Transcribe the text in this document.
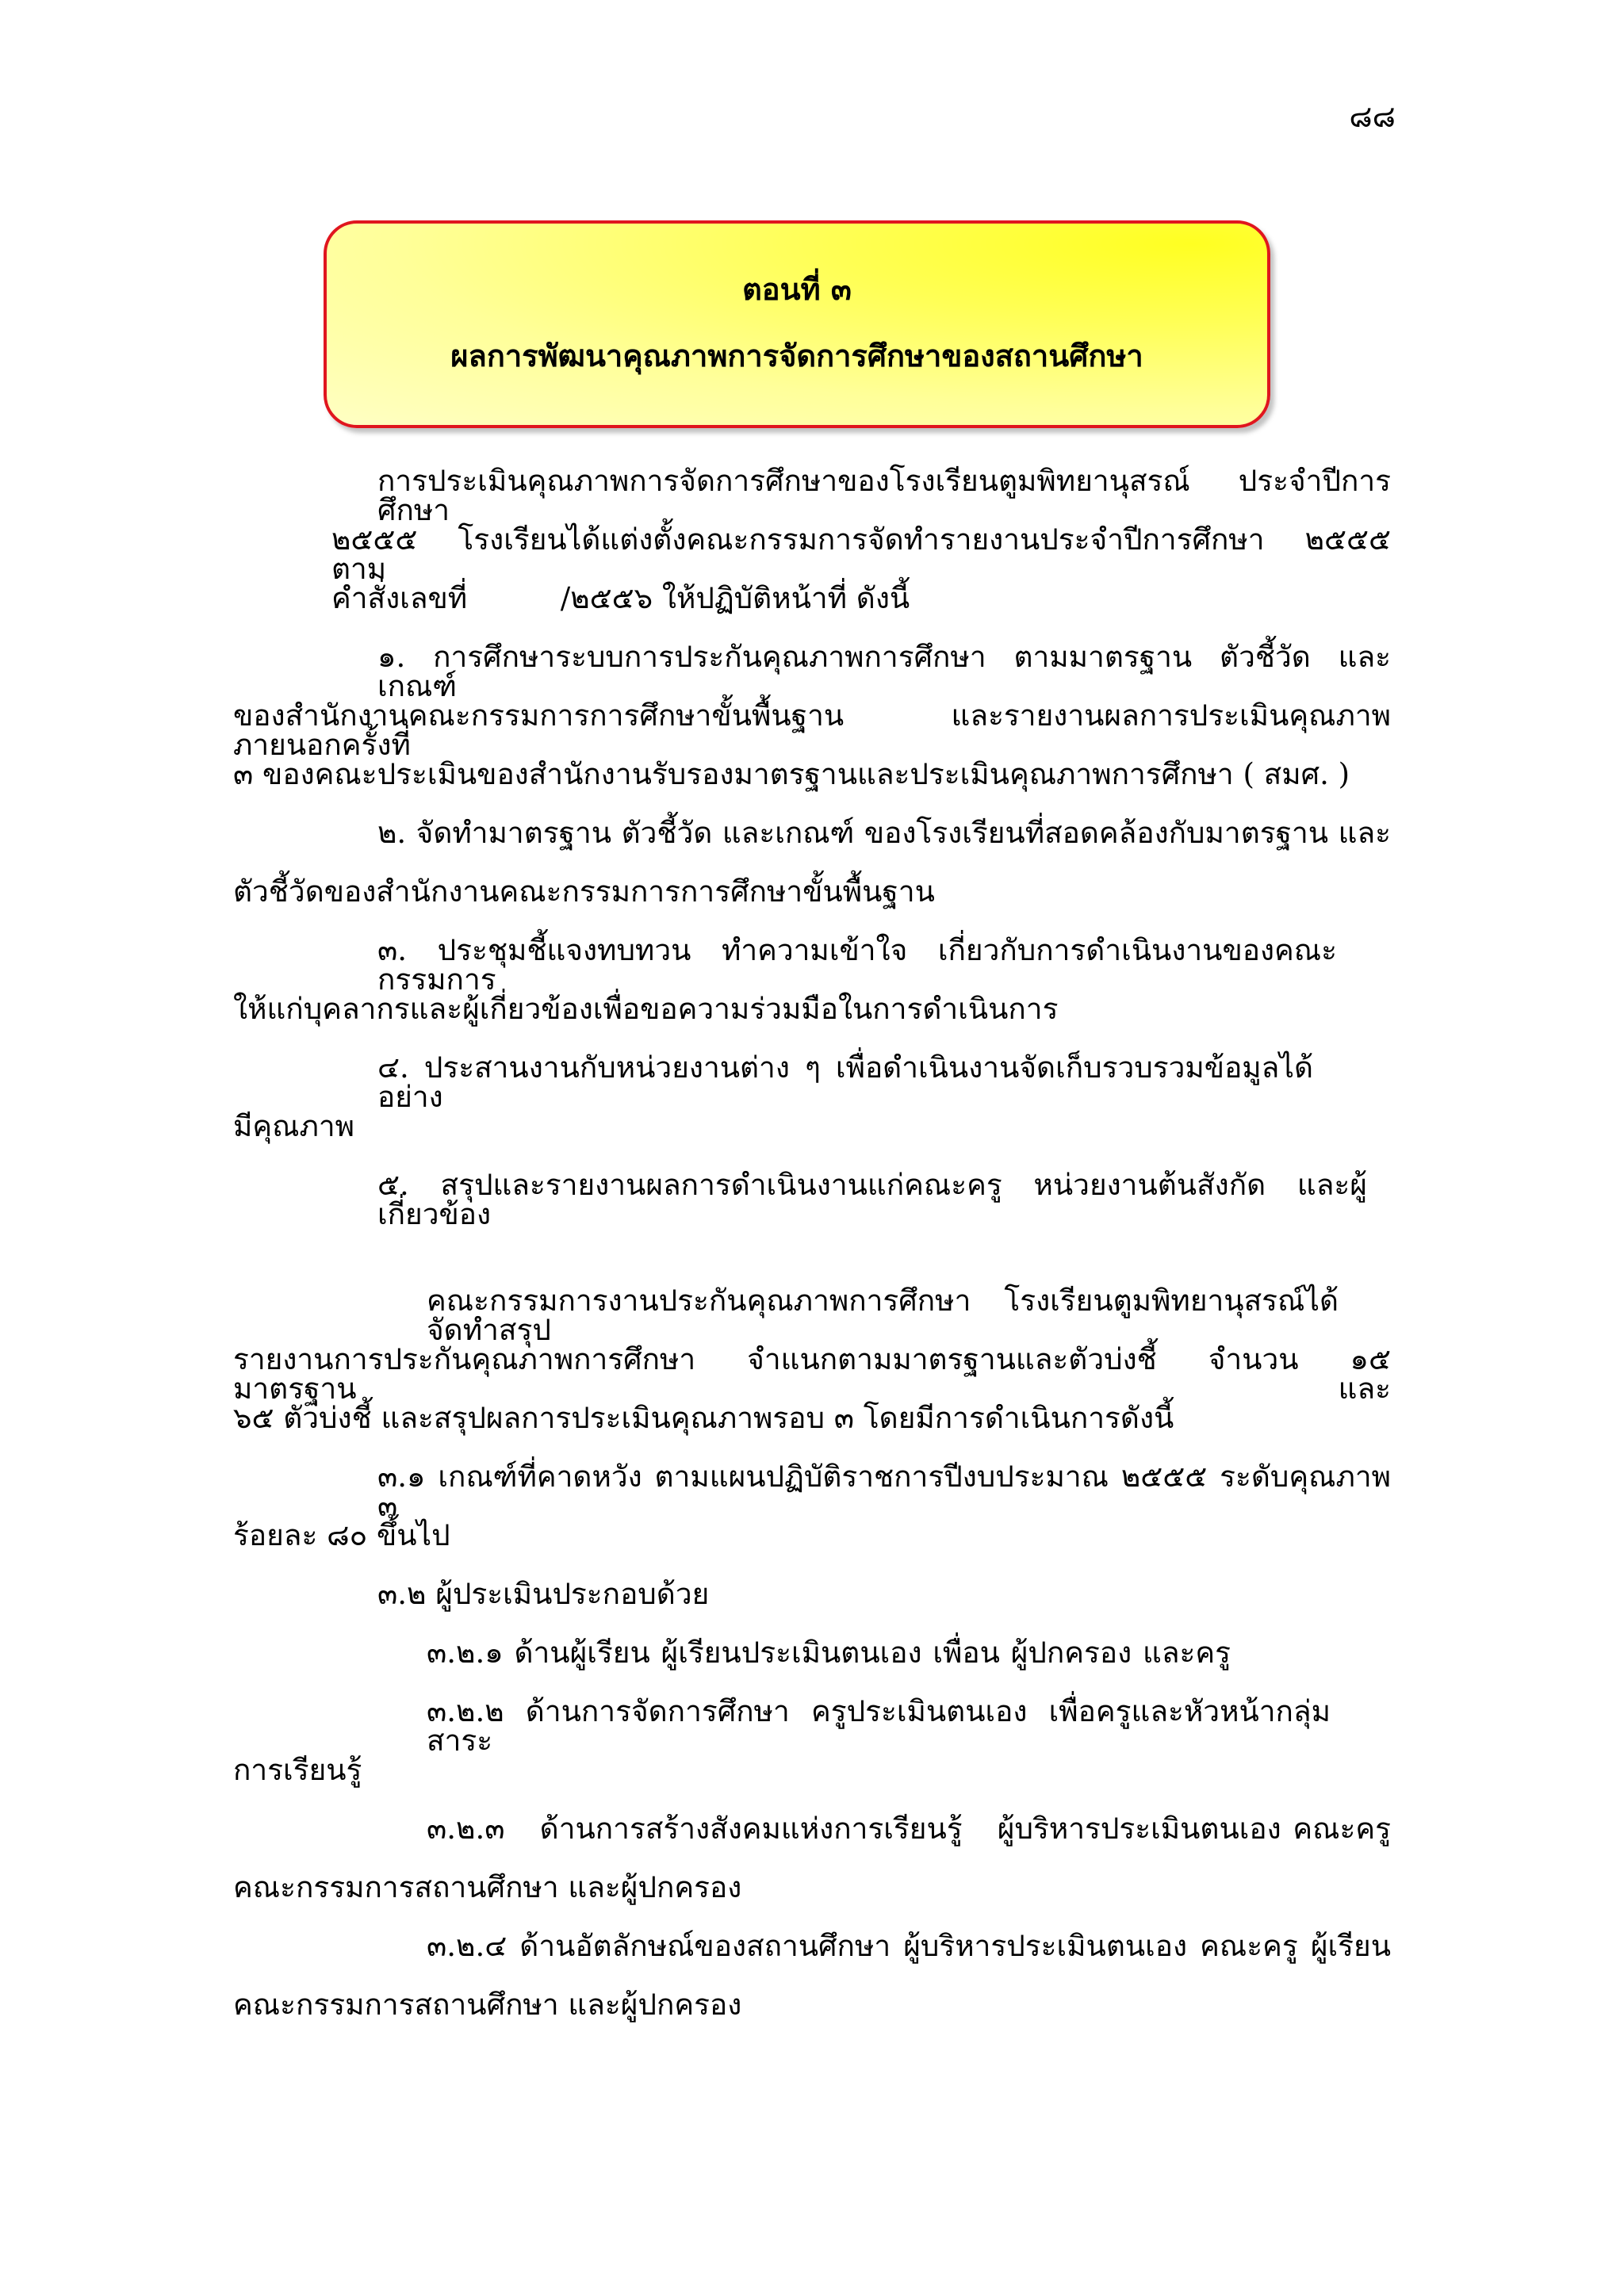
๘๘
ตอนที่ ๓
ผลการพัฒนาคุณภาพการจัดการศึกษาของสถานศึกษา
การประเมินคุณภาพการจัดการศึกษาของโรงเรียนตูมพิทยานุสรณ์ ประจำปีการศึกษา
๒๕๕๕ โรงเรียนได้แต่งตั้งคณะกรรมการจัดทำรายงานประจำปีการศึกษา ๒๕๕๕ ตาม
คำสั่งเลขที่          /๒๕๕๖ ให้ปฏิบัติหน้าที่ ดังนี้
๑. การศึกษาระบบการประกันคุณภาพการศึกษา ตามมาตรฐาน ตัวชี้วัด และเกณฑ์
ของสำนักงานคณะกรรมการการศึกษาขั้นพื้นฐาน และรายงานผลการประเมินคุณภาพภายนอกครั้งที่
๓ ของคณะประเมินของสำนักงานรับรองมาตรฐานและประเมินคุณภาพการศึกษา ( สมศ. )
๒. จัดทำมาตรฐาน ตัวชี้วัด และเกณฑ์ ของโรงเรียนที่สอดคล้องกับมาตรฐาน และ
ตัวชี้วัดของสำนักงานคณะกรรมการการศึกษาขั้นพื้นฐาน
๓. ประชุมชี้แจงทบทวน ทำความเข้าใจ เกี่ยวกับการดำเนินงานของคณะกรรมการ
ให้แก่บุคลากรและผู้เกี่ยวข้องเพื่อขอความร่วมมือในการดำเนินการ
๔. ประสานงานกับหน่วยงานต่าง ๆ เพื่อดำเนินงานจัดเก็บรวบรวมข้อมูลได้อย่าง
มีคุณภาพ
๕. สรุปและรายงานผลการดำเนินงานแก่คณะครู หน่วยงานต้นสังกัด และผู้เกี่ยวข้อง
คณะกรรมการงานประกันคุณภาพการศึกษา โรงเรียนตูมพิทยานุสรณ์ได้จัดทำสรุป
รายงานการประกันคุณภาพการศึกษา จำแนกตามมาตรฐานและตัวบ่งชี้ จำนวน ๑๕ มาตรฐาน และ
๖๕ ตัวบ่งชี้ และสรุปผลการประเมินคุณภาพรอบ ๓ โดยมีการดำเนินการดังนี้
๓.๑ เกณฑ์ที่คาดหวัง ตามแผนปฏิบัติราชการปีงบประมาณ ๒๕๕๕ ระดับคุณภาพ ๓
ร้อยละ ๘๐ ขึ้นไป
๓.๒ ผู้ประเมินประกอบด้วย
๓.๒.๑ ด้านผู้เรียน ผู้เรียนประเมินตนเอง เพื่อน ผู้ปกครอง และครู
๓.๒.๒ ด้านการจัดการศึกษา ครูประเมินตนเอง เพื่อครูและหัวหน้ากลุ่มสาระ
การเรียนรู้
๓.๒.๓   ด้านการสร้างสังคมแห่งการเรียนรู้   ผู้บริหารประเมินตนเอง คณะครู
คณะกรรมการสถานศึกษา และผู้ปกครอง
๓.๒.๔ ด้านอัตลักษณ์ของสถานศึกษา ผู้บริหารประเมินตนเอง คณะครู ผู้เรียน
คณะกรรมการสถานศึกษา และผู้ปกครอง
